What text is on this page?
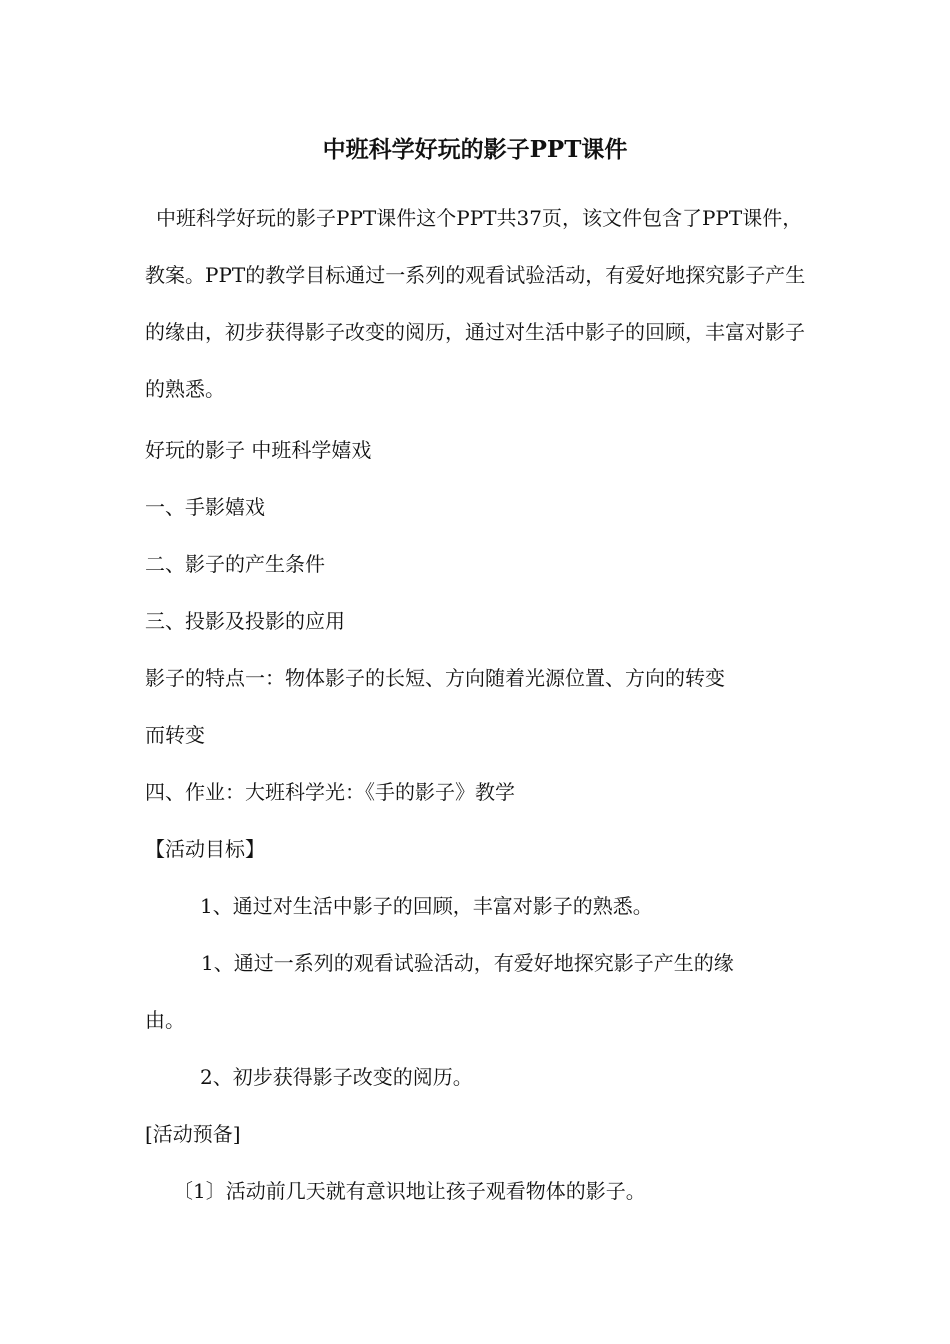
中班科学好玩的影子PPT课件

中班科学好玩的影子PPT课件这个PPT共37页，该文件包含了PPT课件，教案。PPT的教学目标通过一系列的观看试验活动，有爱好地探究影子产生的缘由，初步获得影子改变的阅历，通过对生活中影子的回顾，丰富对影子的熟悉。

好玩的影子 中班科学嬉戏

一、手影嬉戏

二、影子的产生条件

三、投影及投影的应用

影子的特点一：物体影子的长短、方向随着光源位置、方向的转变

而转变

四、作业：大班科学光：《手的影子》教学

【活动目标】

1、通过对生活中影子的回顾，丰富对影子的熟悉。

1、通过一系列的观看试验活动，有爱好地探究影子产生的缘

由。

2、初步获得影子改变的阅历。

[活动预备]

〔1〕活动前几天就有意识地让孩子观看物体的影子。
